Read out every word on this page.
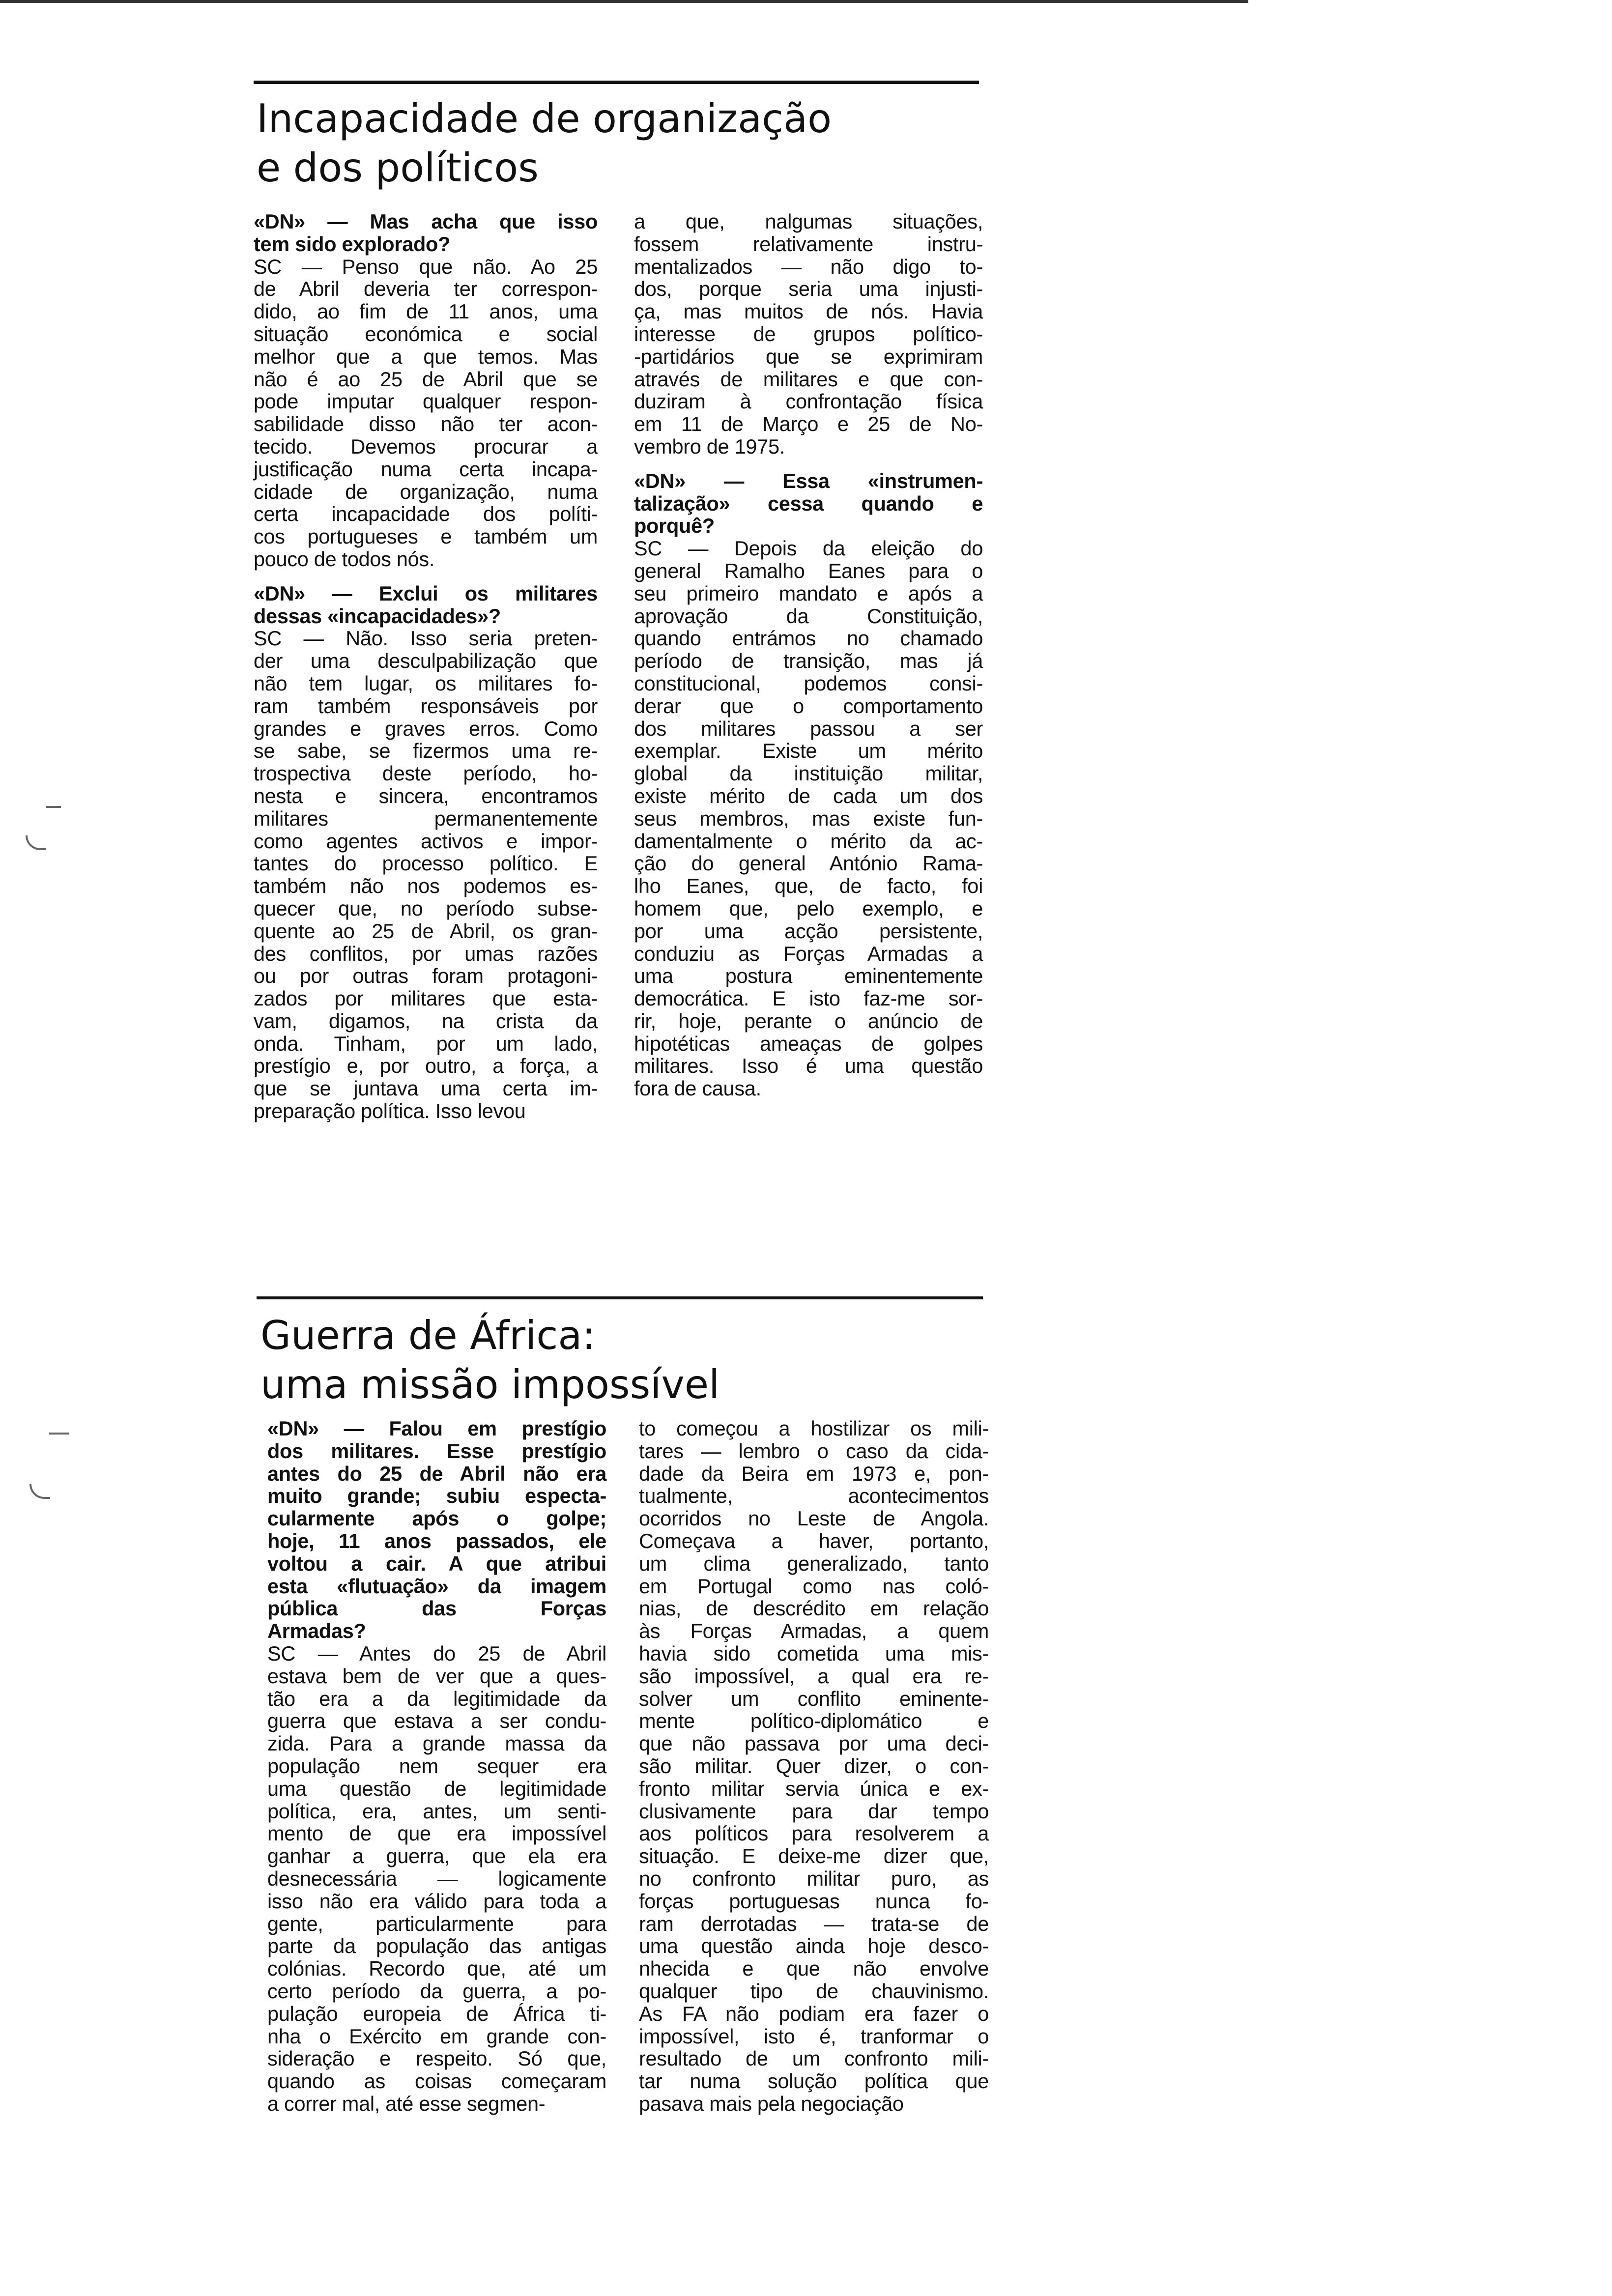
Incapacidade de organização
e dos políticos

«DN» — Mas acha que isso
tem sido explorado?

SC — Penso que não. Ao 25
de Abril deveria ter correspon-
dido, ao fim de 11 anos, uma
situação económica e social
melhor que a que temos. Mas
não é ao 25 de Abril que se
pode imputar qualquer respon-
sabilidade disso não ter acon-
tecido. Devemos procurar a
justificação numa certa incapa-
cidade de organização, numa
certa incapacidade dos políti-
cos portugueses e também um
pouco de todos nós.

«DN» — Exclui os militares
dessas «incapacidades»?

SC — Não. Isso seria preten-
der uma desculpabilização que
não tem lugar, os militares fo-
ram também responsáveis por
grandes e graves erros. Como
se sabe, se fizermos uma re-
trospectiva deste período, ho-
nesta e sincera, encontramos
militares permanentemente
como agentes activos e impor-
tantes do processo político. E
também não nos podemos es-
quecer que, no período subse-
quente ao 25 de Abril, os gran-
des conflitos, por umas razões
ou por outras foram protagoni-
zados por militares que esta-
vam, digamos, na crista da
onda. Tinham, por um lado,
prestígio e, por outro, a força, a
que se juntava uma certa im-
preparação política. Isso levou

a que, nalgumas situações,
fossem relativamente instru-
mentalizados — não digo to-
dos, porque seria uma injusti-
ça, mas muitos de nós. Havia
interesse de grupos político-
-partidários que se exprimiram
através de militares e que con-
duziram à confrontação física
em 11 de Março e 25 de No-
vembro de 1975.

«DN» — Essa «instrumen-
talização» cessa quando e
porquê?

SC — Depois da eleição do
general Ramalho Eanes para o
seu primeiro mandato e após a
aprovação da Constituição,
quando entrámos no chamado
período de transição, mas já
constitucional, podemos consi-
derar que o comportamento
dos militares passou a ser
exemplar. Existe um mérito
global da instituição militar,
existe mérito de cada um dos
seus membros, mas existe fun-
damentalmente o mérito da ac-
ção do general António Rama-
lho Eanes, que, de facto, foi
homem que, pelo exemplo, e
por uma acção persistente,
conduziu as Forças Armadas a
uma postura eminentemente
democrática. E isto faz-me sor-
rir, hoje, perante o anúncio de
hipotéticas ameaças de golpes
militares. Isso é uma questão
fora de causa.

Guerra de África:
uma missão impossível

«DN» — Falou em prestígio
dos militares. Esse prestígio
antes do 25 de Abril não era
muito grande; subiu especta-
cularmente após o golpe;
hoje, 11 anos passados, ele
voltou a cair. A que atribui
esta «flutuação» da imagem
pública das Forças
Armadas?

SC — Antes do 25 de Abril
estava bem de ver que a ques-
tão era a da legitimidade da
guerra que estava a ser condu-
zida. Para a grande massa da
população nem sequer era
uma questão de legitimidade
política, era, antes, um senti-
mento de que era impossível
ganhar a guerra, que ela era
desnecessária — logicamente
isso não era válido para toda a
gente, particularmente para
parte da população das antigas
colónias. Recordo que, até um
certo período da guerra, a po-
pulação europeia de África ti-
nha o Exército em grande con-
sideração e respeito. Só que,
quando as coisas começaram
a correr mal, até esse segmen-

to começou a hostilizar os mili-
tares — lembro o caso da cida-
dade da Beira em 1973 e, pon-
tualmente, acontecimentos
ocorridos no Leste de Angola.
Começava a haver, portanto,
um clima generalizado, tanto
em Portugal como nas coló-
nias, de descrédito em relação
às Forças Armadas, a quem
havia sido cometida uma mis-
são impossível, a qual era re-
solver um conflito eminente-
mente político-diplomático e
que não passava por uma deci-
são militar. Quer dizer, o con-
fronto militar servia única e ex-
clusivamente para dar tempo
aos políticos para resolverem a
situação. E deixe-me dizer que,
no confronto militar puro, as
forças portuguesas nunca fo-
ram derrotadas — trata-se de
uma questão ainda hoje desco-
nhecida e que não envolve
qualquer tipo de chauvinismo.
As FA não podiam era fazer o
impossível, isto é, tranformar o
resultado de um confronto mili-
tar numa solução política que
pasava mais pela negociação
